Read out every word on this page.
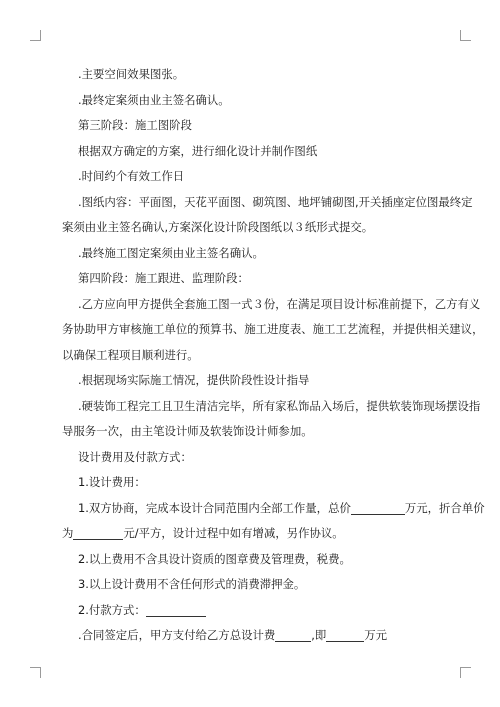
.主要空间效果图张。

.最终定案须由业主签名确认。

第三阶段：施工图阶段

根据双方确定的方案，进行细化设计并制作图纸

.时间约个有效工作日

.图纸内容：平面图，天花平面图、砌筑图、地坪铺砌图,开关插座定位图最终定

案须由业主签名确认,方案深化设计阶段图纸以３纸形式提交。

.最终施工图定案须由业主签名确认。

第四阶段：施工跟进、监理阶段：

.乙方应向甲方提供全套施工图一式３份，在满足项目设计标准前提下，乙方有义

务协助甲方审核施工单位的预算书、施工进度表、施工工艺流程，并提供相关建议，

以确保工程项目顺利进行。

.根据现场实际施工情况，提供阶段性设计指导

.硬装饰工程完工且卫生清洁完毕，所有家私饰品入场后，提供软装饰现场摆设指

导服务一次，由主笔设计师及软装饰设计师参加。

设计费用及付款方式：

1.设计费用：

1.双方协商，完成本设计合同范围内全部工作量，总价	万元，折合单价

为	元/平方，设计过程中如有增减，另作协议。

2.以上费用不含具设计资质的图章费及管理费，税费。

3.以上设计费用不含任何形式的消费滞押金。

2.付款方式：

.合同签定后，甲方支付给乙方总设计费	,即	万元
